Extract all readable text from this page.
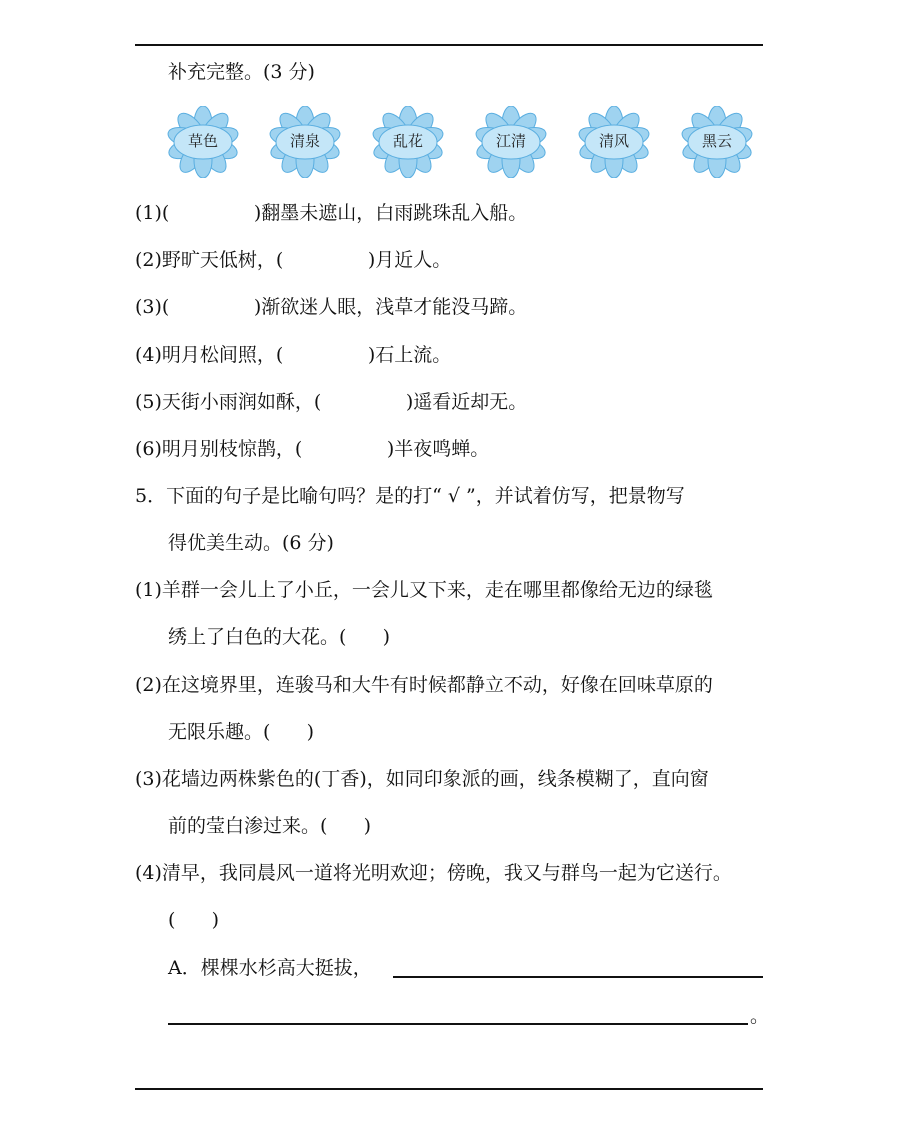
补充完整。(3 分)
草色	清泉	乱花	江清	清风	黑云
(1)(              )翻墨未遮山，白雨跳珠乱入船。
(2)野旷天低树，(              )月近人。
(3)(              )渐欲迷人眼，浅草才能没马蹄。
(4)明月松间照，(              )石上流。
(5)天街小雨润如酥，(              )遥看近却无。
(6)明月别枝惊鹊，(              )半夜鸣蝉。
5．下面的句子是比喻句吗？是的打“ √ ”，并试着仿写，把景物写
得优美生动。(6 分)
(1)羊群一会儿上了小丘，一会儿又下来，走在哪里都像给无边的绿毯
绣上了白色的大花。(      )
(2)在这境界里，连骏马和大牛有时候都静立不动，好像在回味草原的
无限乐趣。(      )
(3)花墙边两株紫色的(丁香)，如同印象派的画，线条模糊了，直向窗
前的莹白渗过来。(      )
(4)清早，我同晨风一道将光明欢迎；傍晚，我又与群鸟一起为它送行。
(      )
A．棵棵水杉高大挺拔，
。
